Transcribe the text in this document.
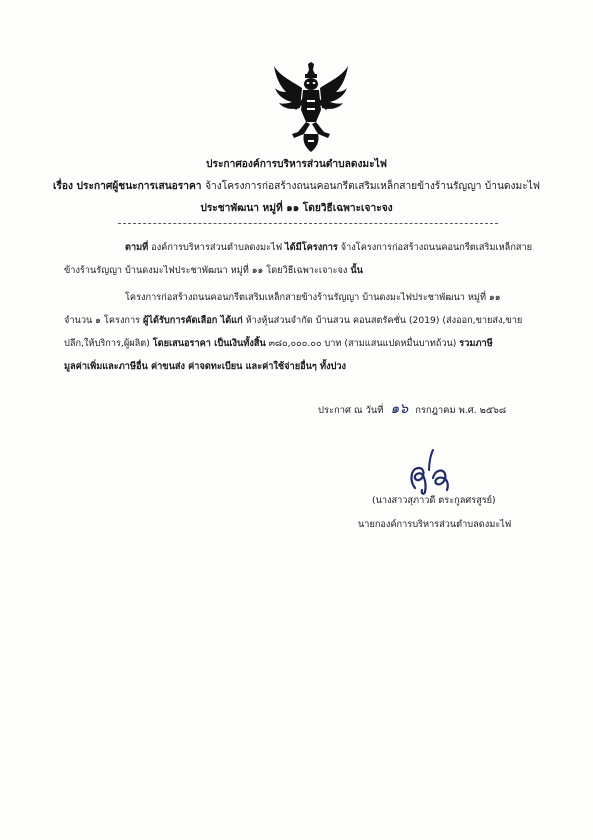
ประกาศองค์การบริหารส่วนตำบลดงมะไฟ
เรื่อง ประกาศผู้ชนะการเสนอราคา จ้างโครงการก่อสร้างถนนคอนกรีตเสริมเหล็กสายข้างร้านรัญญา บ้านดงมะไฟ
ประชาพัฒนา หมู่ที่ ๑๑ โดยวิธีเฉพาะเจาะจง
ตามที่ องค์การบริหารส่วนตำบลดงมะไฟ ได้มีโครงการ จ้างโครงการก่อสร้างถนนคอนกรีตเสริมเหล็กสาย
ข้างร้านรัญญา บ้านดงมะไฟประชาพัฒนา หมู่ที่ ๑๑ โดยวิธีเฉพาะเจาะจง นั้น
โครงการก่อสร้างถนนคอนกรีตเสริมเหล็กสายข้างร้านรัญญา บ้านดงมะไฟประชาพัฒนา หมู่ที่ ๑๑
จำนวน ๑ โครงการ ผู้ได้รับการคัดเลือก ได้แก่ ห้างหุ้นส่วนจำกัด บ้านสวน คอนสตรัคชั่น (2019) (ส่งออก,ขายส่ง,ขาย
ปลีก,ให้บริการ,ผู้ผลิต) โดยเสนอราคา เป็นเงินทั้งสิ้น ๓๘๐,๐๐๐.๐๐ บาท (สามแสนแปดหมื่นบาทถ้วน) รวมภาษี
มูลค่าเพิ่มและภาษีอื่น ค่าขนส่ง ค่าจดทะเบียน และค่าใช้จ่ายอื่นๆ ทั้งปวง
ประกาศ ณ วันที่ ๑๖ กรกฎาคม พ.ศ. ๒๕๖๘
(นางสาวสุภาวดี ตระกูลศรสูรย์)
นายกองค์การบริหารส่วนตำบลดงมะไฟ
